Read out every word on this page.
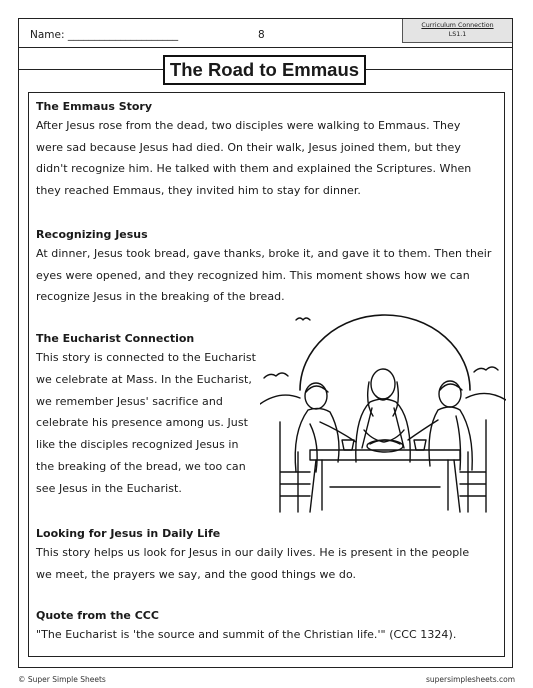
Name: _____________________	8
Curriculum Connection
LS1.1
The Road to Emmaus
The Emmaus Story

After Jesus rose from the dead, two disciples were walking to Emmaus. They

were sad because Jesus had died. On their walk, Jesus joined them, but they

didn't recognize him. He talked with them and explained the Scriptures. When

they reached Emmaus, they invited him to stay for dinner.

Recognizing Jesus

At dinner, Jesus took bread, gave thanks, broke it, and gave it to them. Then their

eyes were opened, and they recognized him. This moment shows how we can

recognize Jesus in the breaking of the bread.

The Eucharist Connection

This story is connected to the Eucharist

we celebrate at Mass. In the Eucharist,

we remember Jesus' sacrifice and

celebrate his presence among us. Just

like the disciples recognized Jesus in

the breaking of the bread, we too can

see Jesus in the Eucharist.

Looking for Jesus in Daily Life

This story helps us look for Jesus in our daily lives. He is present in the people

we meet, the prayers we say, and the good things we do.

Quote from the CCC

"The Eucharist is 'the source and summit of the Christian life.'" (CCC 1324).

© Super Simple Sheets	supersimplesheets.com
